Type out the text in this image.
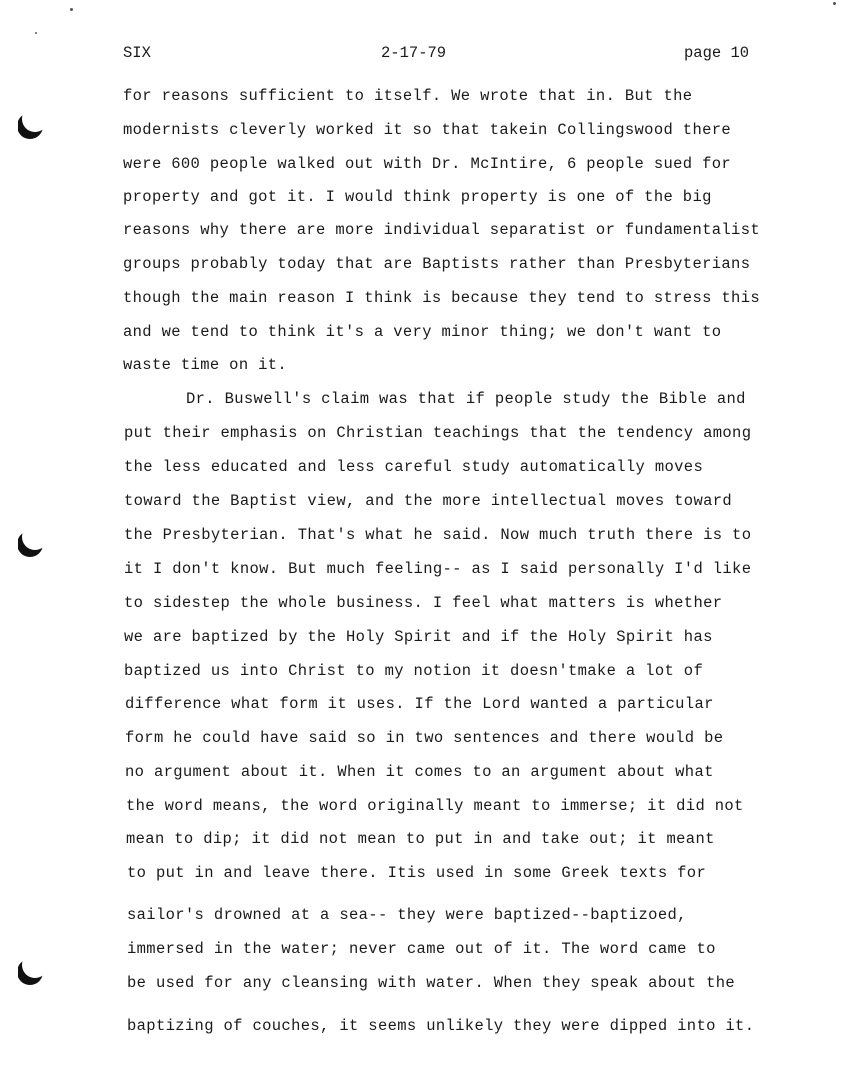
SIX	2-17-79	page 10
for reasons sufficient to itself. We wrote that in. But the
modernists cleverly worked it so that takein Collingswood there
were 600 people walked out with Dr. McIntire, 6 people sued for
property and got it. I would think property is one of the big
reasons why there are more individual separatist or fundamentalist
groups probably today that are Baptists rather than Presbyterians
though the main reason I think is because they tend to stress this
and we tend to think it's a very minor thing; we don't want to
waste time on it.
Dr. Buswell's claim was that if people study the Bible and
put their emphasis on Christian teachings that the tendency among
the less educated and less careful study automatically moves
toward the Baptist view, and the more intellectual moves toward
the Presbyterian. That's what he said. Now much truth there is to
it I don't know. But much feeling-- as I said personally I'd like
to sidestep the whole business. I feel what matters is whether
we are baptized by the Holy Spirit and if the Holy Spirit has
baptized us into Christ to my notion it doesn'tmake a lot of
difference what form it uses. If the Lord wanted a particular
form he could have said so in two sentences and there would be
no argument about it. When it comes to an argument about what
the word means, the word originally meant to immerse; it did not
mean to dip; it did not mean to put in and take out; it meant
to put in and leave there. Itis used in some Greek texts for
sailor's drowned at a sea-- they were baptized--baptizoed,
immersed in the water; never came out of it. The word came to
be used for any cleansing with water. When they speak about the
baptizing of couches, it seems unlikely they were dipped into it.
